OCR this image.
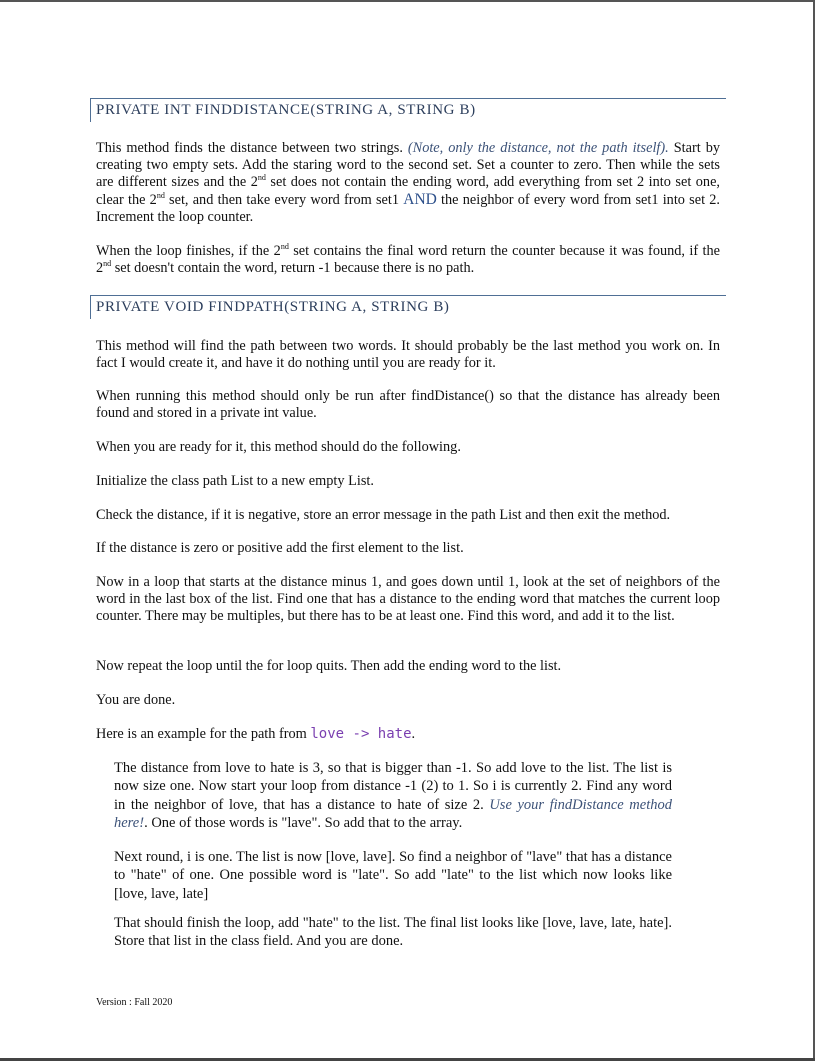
PRIVATE INT FINDDISTANCE(STRING A, STRING B)

This method finds the distance between two strings. (Note, only the distance, not the path itself). Start by creating two empty sets. Add the staring word to the second set. Set a counter to zero. Then while the sets are different sizes and the 2nd set does not contain the ending word, add everything from set 2 into set one, clear the 2nd set, and then take every word from set1 AND the neighbor of every word from set1 into set 2. Increment the loop counter.

When the loop finishes, if the 2nd set contains the final word return the counter because it was found, if the 2nd set doesn't contain the word, return -1 because there is no path.

PRIVATE VOID FINDPATH(STRING A, STRING B)

This method will find the path between two words. It should probably be the last method you work on. In fact I would create it, and have it do nothing until you are ready for it.

When running this method should only be run after findDistance() so that the distance has already been found and stored in a private int value.

When you are ready for it, this method should do the following.

Initialize the class path List to a new empty List.

Check the distance, if it is negative, store an error message in the path List and then exit the method.

If the distance is zero or positive add the first element to the list.

Now in a loop that starts at the distance minus 1, and goes down until 1, look at the set of neighbors of the word in the last box of the list. Find one that has a distance to the ending word that matches the current loop counter. There may be multiples, but there has to be at least one. Find this word, and add it to the list.

Now repeat the loop until the for loop quits. Then add the ending word to the list.

You are done.

Here is an example for the path from love -> hate.

The distance from love to hate is 3, so that is bigger than -1. So add love to the list. The list is now size one. Now start your loop from distance -1 (2) to 1. So i is currently 2. Find any word in the neighbor of love, that has a distance to hate of size 2. Use your findDistance method here!. One of those words is "lave". So add that to the array.

Next round, i is one. The list is now [love, lave]. So find a neighbor of "lave" that has a distance to "hate" of one. One possible word is "late". So add "late" to the list which now looks like [love, lave, late]

That should finish the loop, add "hate" to the list. The final list looks like [love, lave, late, hate]. Store that list in the class field. And you are done.

Version : Fall 2020
